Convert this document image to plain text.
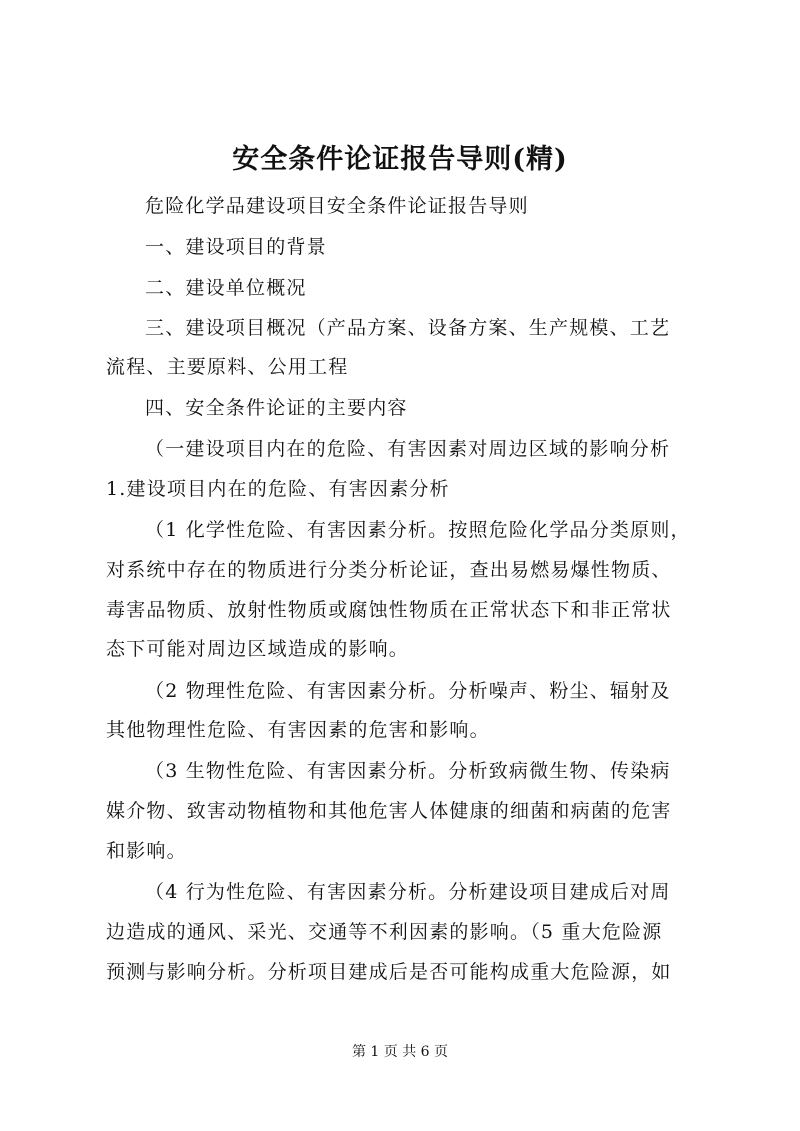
安全条件论证报告导则(精)
危险化学品建设项目安全条件论证报告导则
一、建设项目的背景
二、建设单位概况
三、建设项目概况（产品方案、设备方案、生产规模、工艺
流程、主要原料、公用工程
四、安全条件论证的主要内容
（一建设项目内在的危险、有害因素对周边区域的影响分析
1.建设项目内在的危险、有害因素分析
（1 化学性危险、有害因素分析。按照危险化学品分类原则，
对系统中存在的物质进行分类分析论证，查出易燃易爆性物质、
毒害品物质、放射性物质或腐蚀性物质在正常状态下和非正常状
态下可能对周边区域造成的影响。
（2 物理性危险、有害因素分析。分析噪声、粉尘、辐射及
其他物理性危险、有害因素的危害和影响。
（3 生物性危险、有害因素分析。分析致病微生物、传染病
媒介物、致害动物植物和其他危害人体健康的细菌和病菌的危害
和影响。
（4 行为性危险、有害因素分析。分析建设项目建成后对周
边造成的通风、采光、交通等不利因素的影响。（5 重大危险源
预测与影响分析。分析项目建成后是否可能构成重大危险源，如
第 1 页 共 6 页
